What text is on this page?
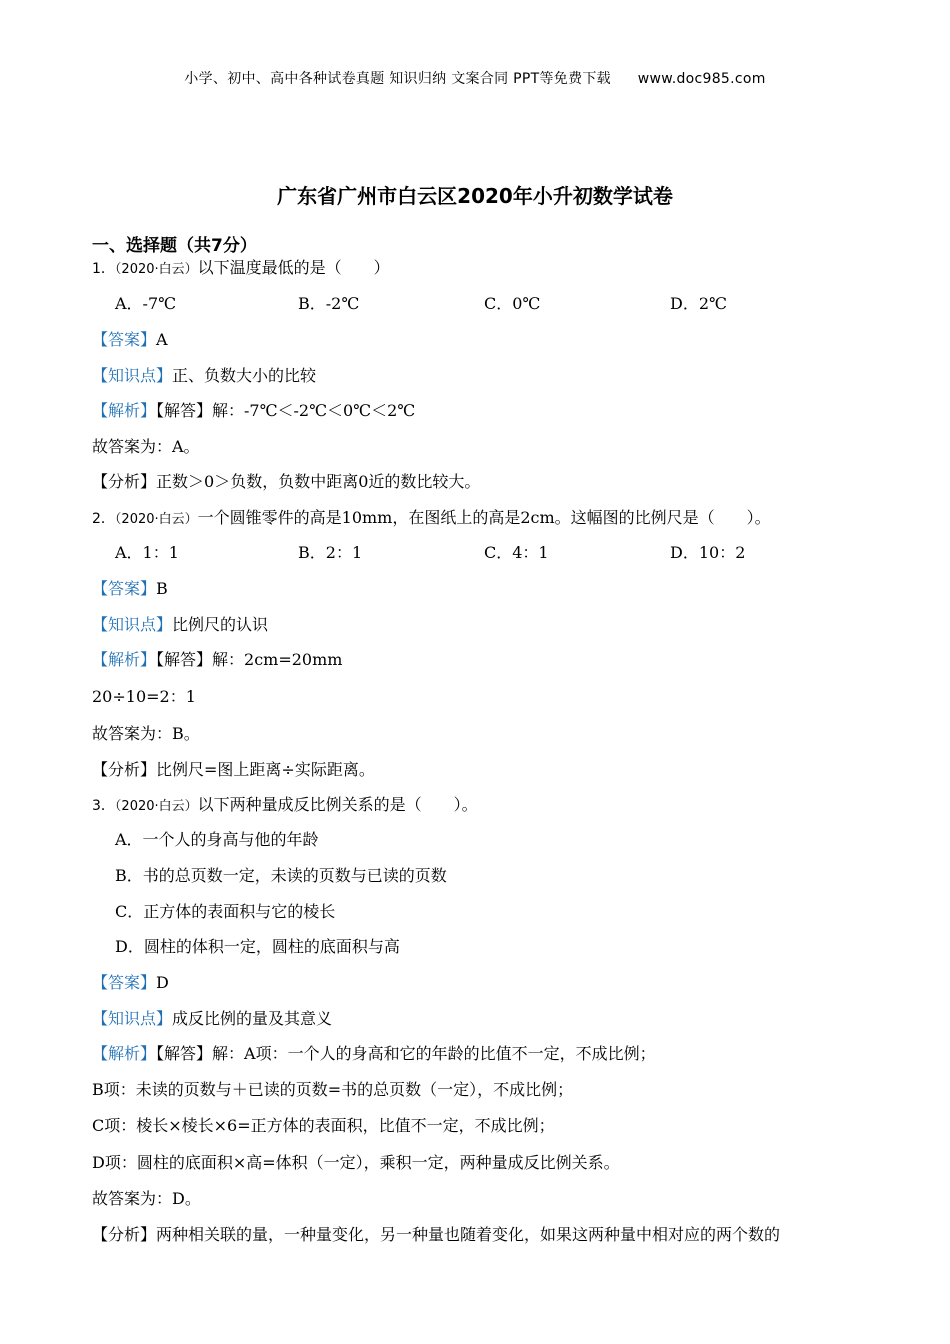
小学、初中、高中各种试卷真题 知识归纳 文案合同 PPT等免费下载 www.doc985.com
广东省广州市白云区2020年小升初数学试卷
一、选择题（共7分）
1．（2020·白云）以下温度最低的是（　　）
A．-7℃	B．-2℃	C．0℃	D．2℃
【答案】A
【知识点】正、负数大小的比较
【解析】【解答】解：-7℃＜-2℃＜0℃＜2℃
故答案为：A。
【分析】正数＞0＞负数，负数中距离0近的数比较大。
2．（2020·白云）一个圆锥零件的高是10mm，在图纸上的高是2cm。这幅图的比例尺是（　　）。
A．1：1	B．2：1	C．4：1	D．10：2
【答案】B
【知识点】比例尺的认识
【解析】【解答】解：2cm=20mm
20÷10=2：1
故答案为：B。
【分析】比例尺=图上距离÷实际距离。
3．（2020·白云）以下两种量成反比例关系的是（　　）。
A．一个人的身高与他的年龄
B．书的总页数一定，未读的页数与已读的页数
C．正方体的表面积与它的棱长
D．圆柱的体积一定，圆柱的底面积与高
【答案】D
【知识点】成反比例的量及其意义
【解析】【解答】解：A项：一个人的身高和它的年龄的比值不一定，不成比例；
B项：未读的页数与＋已读的页数=书的总页数（一定），不成比例；
C项：棱长×棱长×6=正方体的表面积，比值不一定，不成比例；
D项：圆柱的底面积×高=体积（一定），乘积一定，两种量成反比例关系。
故答案为：D。
【分析】两种相关联的量，一种量变化，另一种量也随着变化，如果这两种量中相对应的两个数的
